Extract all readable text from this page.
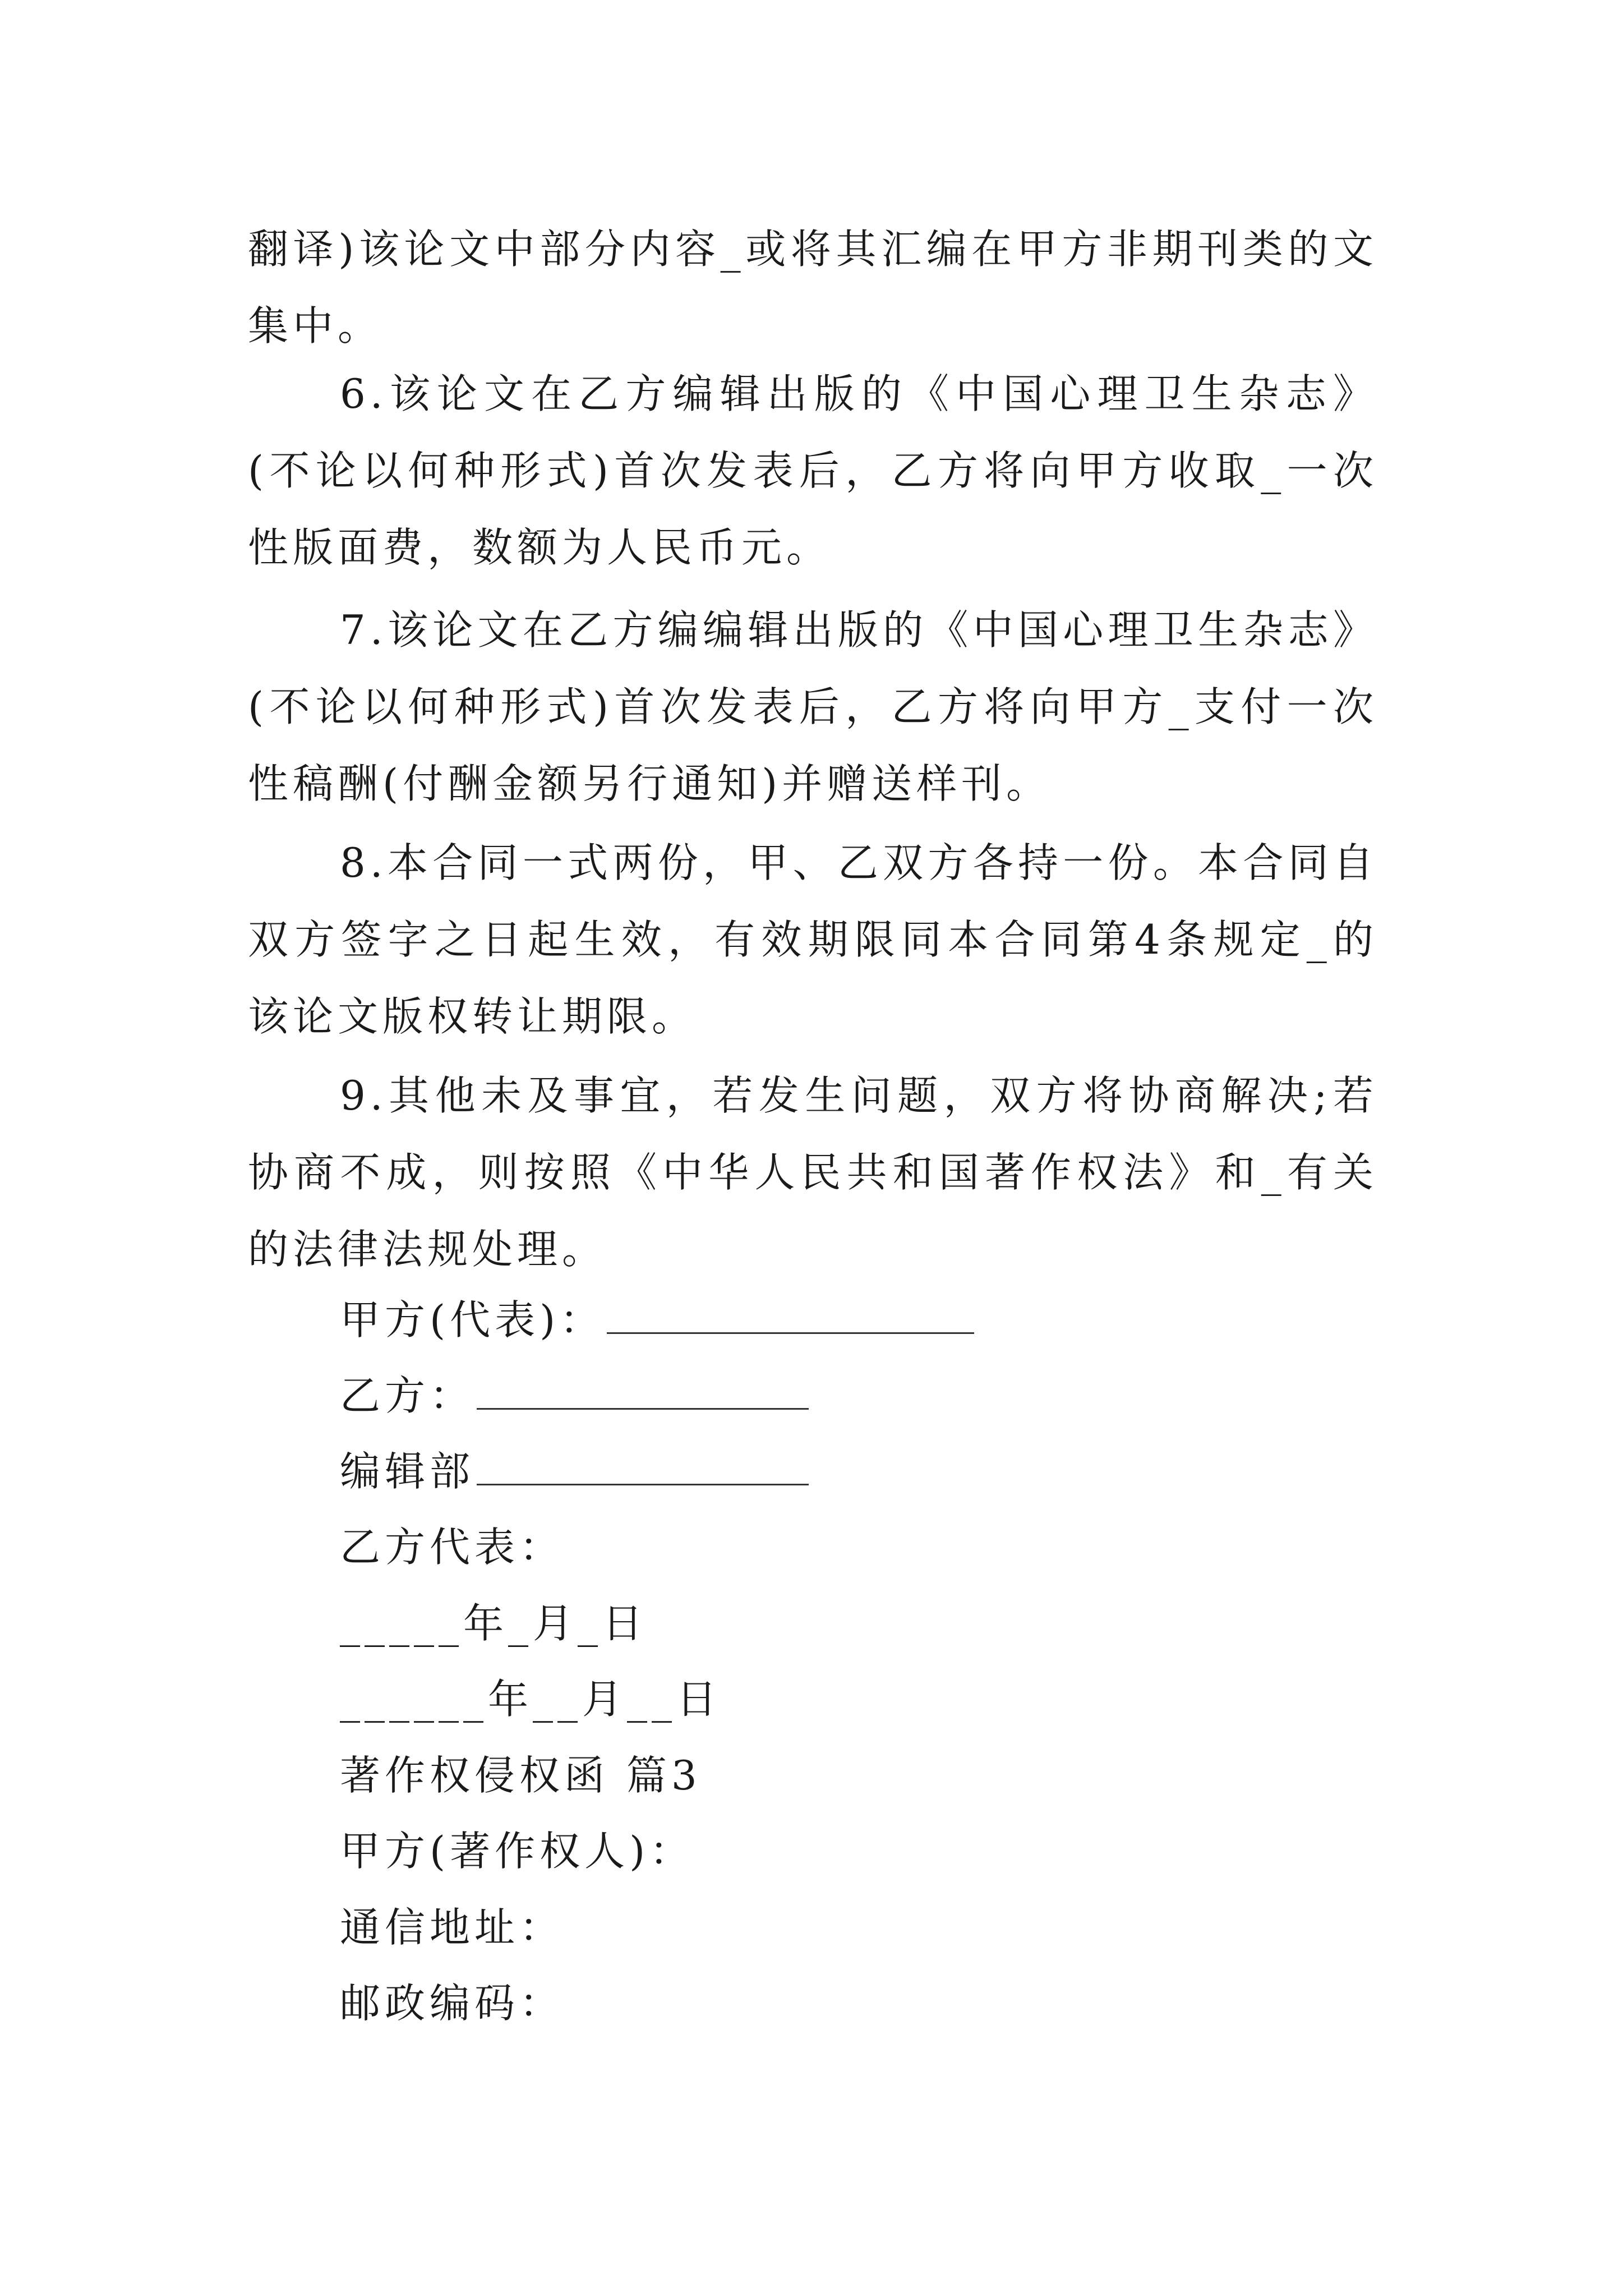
翻译)该论文中部分内容_或将其汇编在甲方非期刊类的文集中。

6.该论文在乙方编辑出版的《中国心理卫生杂志》(不论以何种形式)首次发表后，乙方将向甲方收取_一次性版面费，数额为人民币元。

7.该论文在乙方编编辑出版的《中国心理卫生杂志》(不论以何种形式)首次发表后，乙方将向甲方_支付一次性稿酬(付酬金额另行通知)并赠送样刊。

8.本合同一式两份，甲、乙双方各持一份。本合同自双方签字之日起生效，有效期限同本合同第4条规定_的该论文版权转让期限。

9.其他未及事宜，若发生问题，双方将协商解决;若协商不成，则按照《中华人民共和国著作权法》和_有关的法律法规处理。

甲方(代表)：
乙方：
编辑部
乙方代表：
_____年_月_日
______年__月__日
著作权侵权函 篇3
甲方(著作权人)：
通信地址：
邮政编码：
